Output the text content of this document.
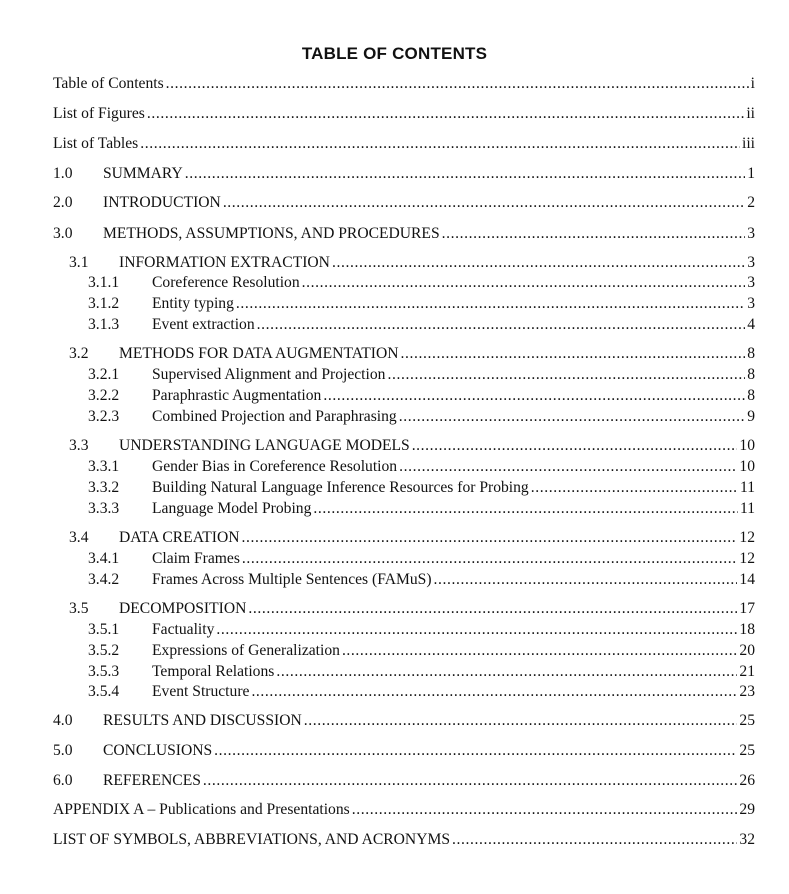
TABLE OF CONTENTS
Table of Contents .....	i
List of Figures .....	ii
List of Tables .....	iii
1.0	SUMMARY .....	1
2.0	INTRODUCTION .....	2
3.0	METHODS, ASSUMPTIONS, AND PROCEDURES .....	3
3.1	INFORMATION EXTRACTION .....	3
3.1.1	Coreference Resolution .....	3
3.1.2	Entity typing .....	3
3.1.3	Event extraction .....	4
3.2	METHODS FOR DATA AUGMENTATION .....	8
3.2.1	Supervised Alignment and Projection .....	8
3.2.2	Paraphrastic Augmentation .....	8
3.2.3	Combined Projection and Paraphrasing .....	9
3.3	UNDERSTANDING LANGUAGE MODELS .....	10
3.3.1	Gender Bias in Coreference Resolution .....	10
3.3.2	Building Natural Language Inference Resources for Probing .....	11
3.3.3	Language Model Probing .....	11
3.4	DATA CREATION .....	12
3.4.1	Claim Frames .....	12
3.4.2	Frames Across Multiple Sentences (FAMuS) .....	14
3.5	DECOMPOSITION .....	17
3.5.1	Factuality .....	18
3.5.2	Expressions of Generalization .....	20
3.5.3	Temporal Relations .....	21
3.5.4	Event Structure .....	23
4.0	RESULTS AND DISCUSSION .....	25
5.0	CONCLUSIONS .....	25
6.0	REFERENCES .....	26
APPENDIX A – Publications and Presentations .....	29
LIST OF SYMBOLS, ABBREVIATIONS, AND ACRONYMS .....	32
